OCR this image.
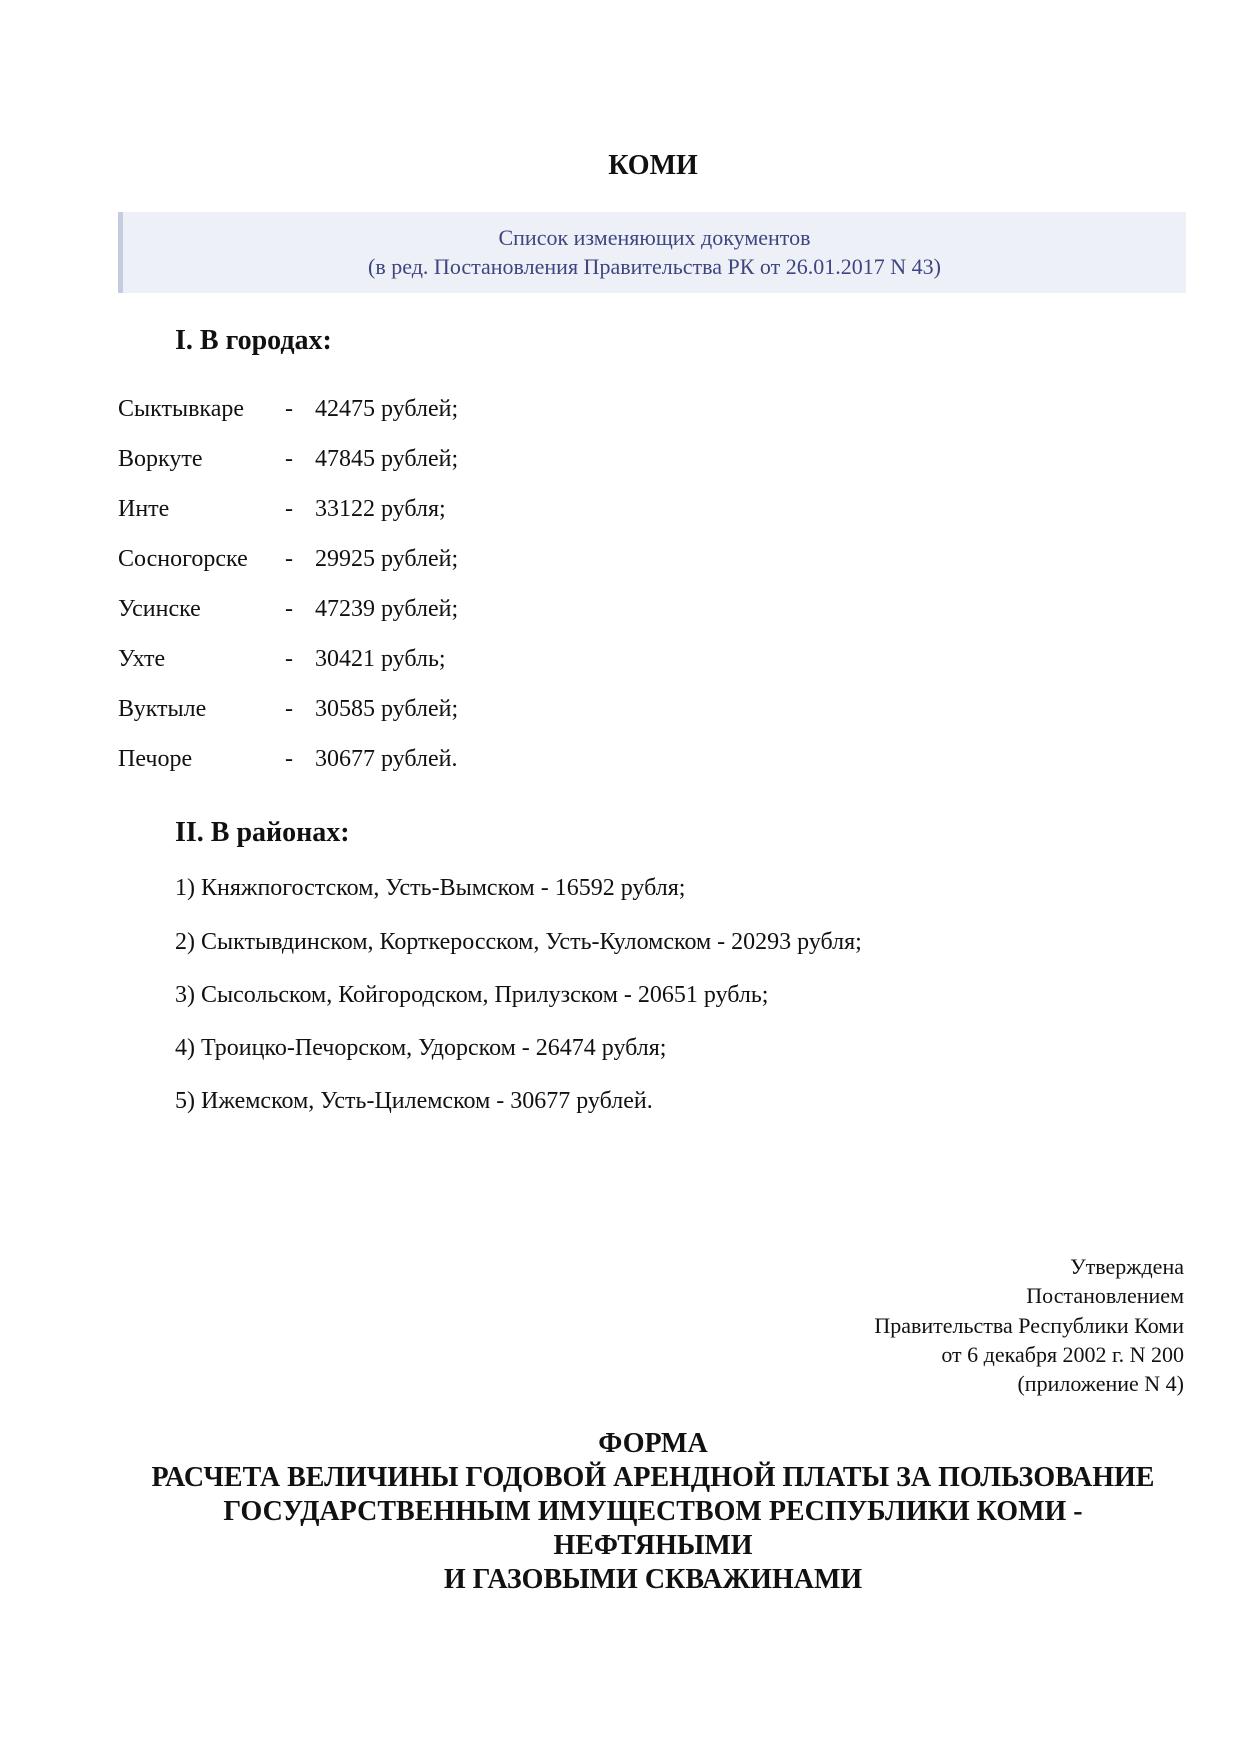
КОМИ
Список изменяющих документов
(в ред. Постановления Правительства РК от 26.01.2017 N 43)
I. В городах:
Сыктывкаре - 42475 рублей;
Воркуте	- 47845 рублей;
Инте	- 33122 рубля;
Сосногорске - 29925 рублей;
Усинске	- 47239 рублей;
Ухте	- 30421 рубль;
Вуктыле	- 30585 рублей;
Печоре	- 30677 рублей.
II. В районах:
1) Княжпогостском, Усть-Вымском - 16592 рубля;
2) Сыктывдинском, Корткеросском, Усть-Куломском - 20293 рубля;
3) Сысольском, Койгородском, Прилузском - 20651 рубль;
4) Троицко-Печорском, Удорском - 26474 рубля;
5) Ижемском, Усть-Цилемском - 30677 рублей.
Утверждена
Постановлением
Правительства Республики Коми
от 6 декабря 2002 г. N 200
(приложение N 4)
ФОРМА
РАСЧЕТА ВЕЛИЧИНЫ ГОДОВОЙ АРЕНДНОЙ ПЛАТЫ ЗА ПОЛЬЗОВАНИЕ
ГОСУДАРСТВЕННЫМ ИМУЩЕСТВОМ РЕСПУБЛИКИ КОМИ -
НЕФТЯНЫМИ
И ГАЗОВЫМИ СКВАЖИНАМИ
